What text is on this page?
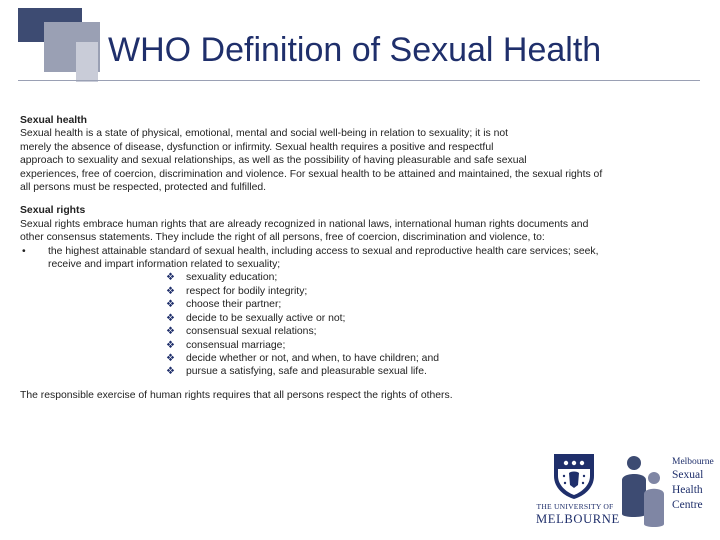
WHO Definition of Sexual Health
Sexual health
Sexual health is a state of physical, emotional, mental and social well-being in relation to sexuality; it is not
merely the absence of disease, dysfunction or infirmity. Sexual health requires a positive and respectful
approach to sexuality and sexual relationships, as well as the possibility of having pleasurable and safe sexual
experiences, free of coercion, discrimination and violence. For sexual health to be attained and maintained, the sexual rights of
all persons must be respected, protected and fulfilled.
Sexual rights
Sexual rights embrace human rights that are already recognized in national laws, international human rights documents and
other consensus statements. They include the right of all persons, free of coercion, discrimination and violence, to:
• the highest attainable standard of sexual health, including access to sexual and reproductive health care services; seek,
receive and impart information related to sexuality;
❖ sexuality education;
❖ respect for bodily integrity;
❖ choose their partner;
❖ decide to be sexually active or not;
❖ consensual sexual relations;
❖ consensual marriage;
❖ decide whether or not, and when, to have children; and
❖ pursue a satisfying, safe and pleasurable sexual life.
The responsible exercise of human rights requires that all persons respect the rights of others.
THE UNIVERSITY OF
MELBOURNE
Melbourne
Sexual
Health
Centre
